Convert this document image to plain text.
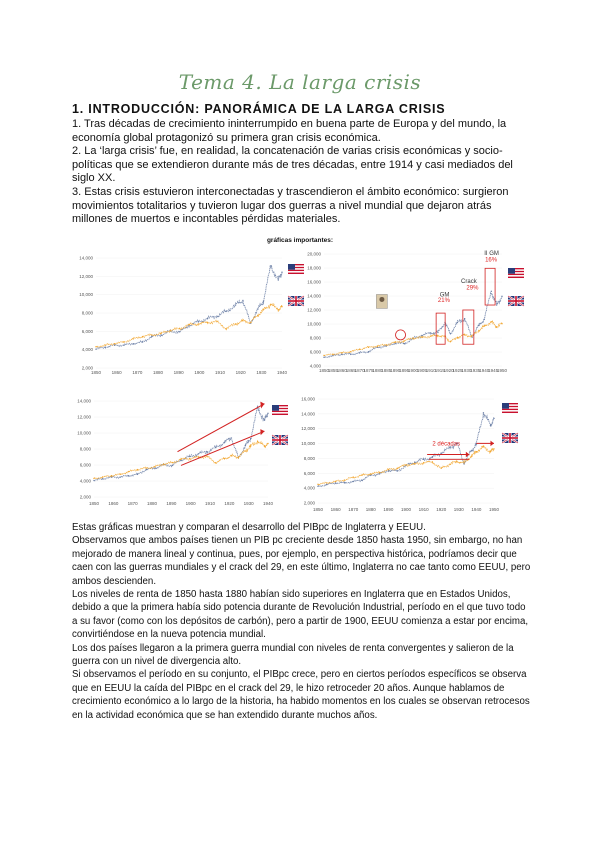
Tema 4. La larga crisis
1. INTRODUCCIÓN: PANORÁMICA DE LA LARGA CRISIS

1. Tras décadas de crecimiento ininterrumpido en buena parte de Europa y del mundo, la economía global protagonizó su primera gran crisis económica.

2. La ‘larga crisis’ fue, en realidad, la concatenación de varias crisis económicas y socio-políticas que se extendieron durante más de tres décadas, entre 1914 y casi mediados del siglo XX.

3. Estas crisis estuvieron interconectadas y trascendieron el ámbito económico: surgieron movimientos totalitarios y tuvieron lugar dos guerras a nivel mundial que dejaron atrás millones de muertos e incontables pérdidas materiales.

gráficas importantes:
14,000
12,000
10,000
8,000
6,000
4,000
2,000
1850 1860 1870 1880 1890 1900 1910 1920 1930 1940
20,000
18,000
16,000
14,000
12,000
10,000
8,000
6,000
4,000
1850
1855
1860
1865
1870
1875
1880
1885
1890
1895
1900
1905
1910
1915
1920
1925
1930
1935
1940
1945
1950
GM
21%
Crack
29%
II GM
16%
14,000
12,000
10,000
8,000
6,000
4,000
2,000
1850 1860 1870 1880 1890 1900 1910 1920 1930 1940
16,000
14,000
12,000
10,000
8,000
6,000
4,000
2,000
1850 1860 1870 1880 1890 1900 1910 1920 1930 1940 1950
2 décadas

Estas gráficas muestran y comparan el desarrollo del PIBpc de Inglaterra y EEUU.

Observamos que ambos países tienen un PIB pc creciente desde 1850 hasta 1950, sin embargo, no han mejorado de manera lineal y continua, pues, por ejemplo, en perspectiva histórica, podríamos decir que caen con las guerras mundiales y el crack del 29, en este último, Inglaterra no cae tanto como EEUU, pero ambos descienden.

Los niveles de renta de 1850 hasta 1880 habían sido superiores en Inglaterra que en Estados Unidos, debido a que la primera había sido potencia durante de Revolución Industrial, período en el que tuvo todo a su favor (como con los depósitos de carbón), pero a partir de 1900, EEUU comienza a estar por encima, convirtiéndose en la nueva potencia mundial.

Los dos países llegaron a la primera guerra mundial con niveles de renta convergentes y salieron de la guerra con un nivel de divergencia alto.

Si observamos el período en su conjunto, el PIBpc crece, pero en ciertos períodos específicos se observa que en EEUU la caída del PIBpc en el crack del 29, le hizo retroceder 20 años. Aunque hablamos de crecimiento económico a lo largo de la historia, ha habido momentos en los cuales se observan retrocesos en la actividad económica que se han extendido durante muchos años.
